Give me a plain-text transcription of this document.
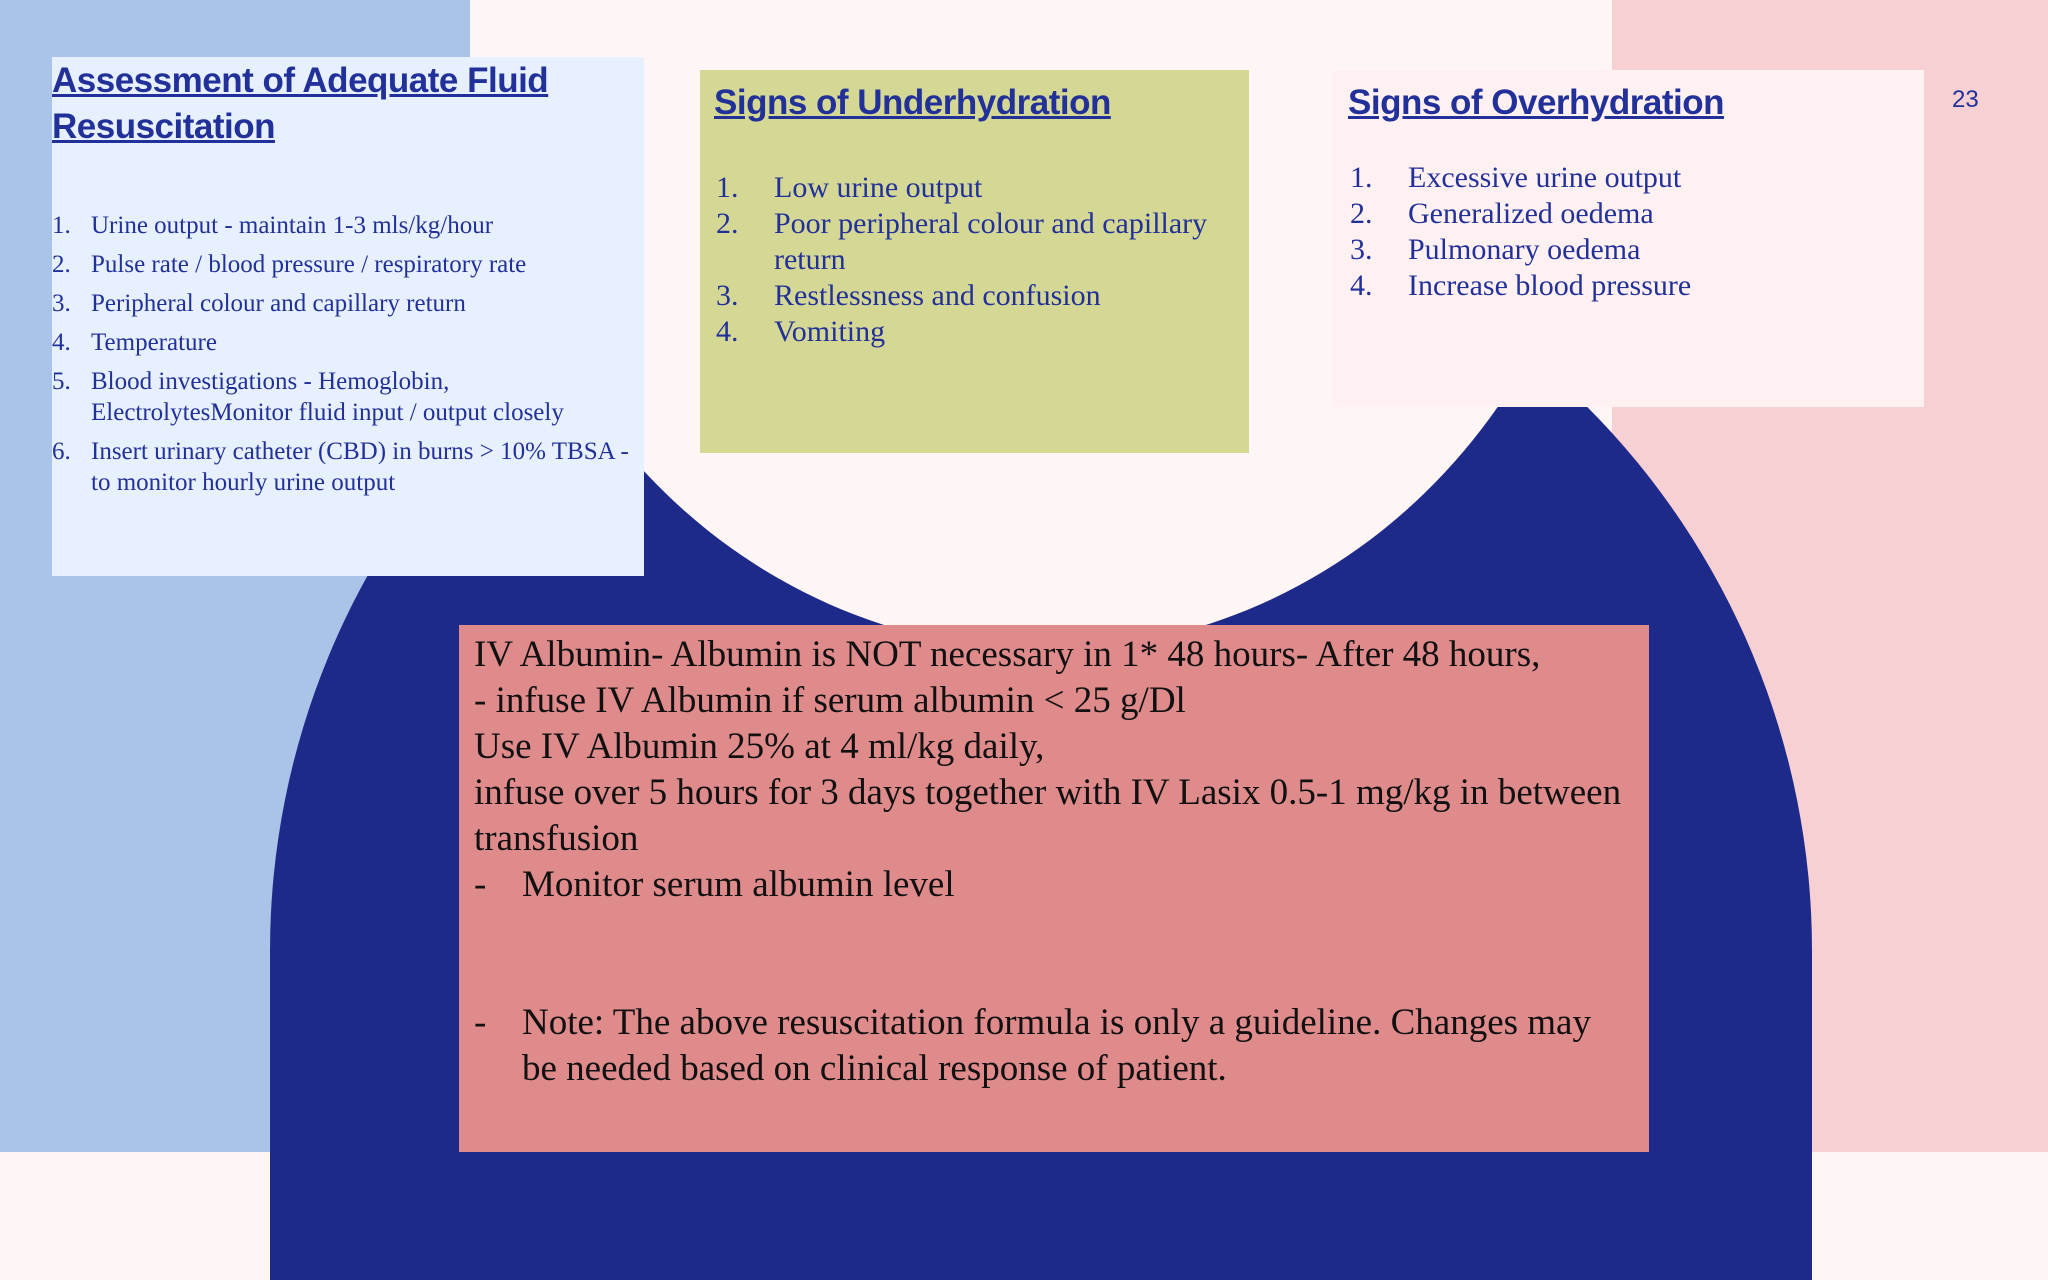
23
Assessment of Adequate Fluid Resuscitation
1. Urine output - maintain 1-3 mls/kg/hour
2. Pulse rate / blood pressure / respiratory rate
3. Peripheral colour and capillary return
4. Temperature
5. Blood investigations - Hemoglobin, ElectrolytesMonitor fluid input / output closely
6. Insert urinary catheter (CBD) in burns > 10% TBSA - to monitor hourly urine output
Signs of Underhydration
1. Low urine output
2. Poor peripheral colour and capillary return
3. Restlessness and confusion
4. Vomiting
Signs of Overhydration
1. Excessive urine output
2. Generalized oedema
3. Pulmonary oedema
4. Increase blood pressure

IV Albumin- Albumin is NOT necessary in 1* 48 hours- After 48 hours,

- infuse IV Albumin if serum albumin < 25 g/Dl

Use IV Albumin 25% at 4 ml/kg daily,

infuse over 5 hours for 3 days together with IV Lasix 0.5-1 mg/kg in between transfusion

- Monitor serum albumin level

- Note: The above resuscitation formula is only a guideline. Changes may be needed based on clinical response of patient.
